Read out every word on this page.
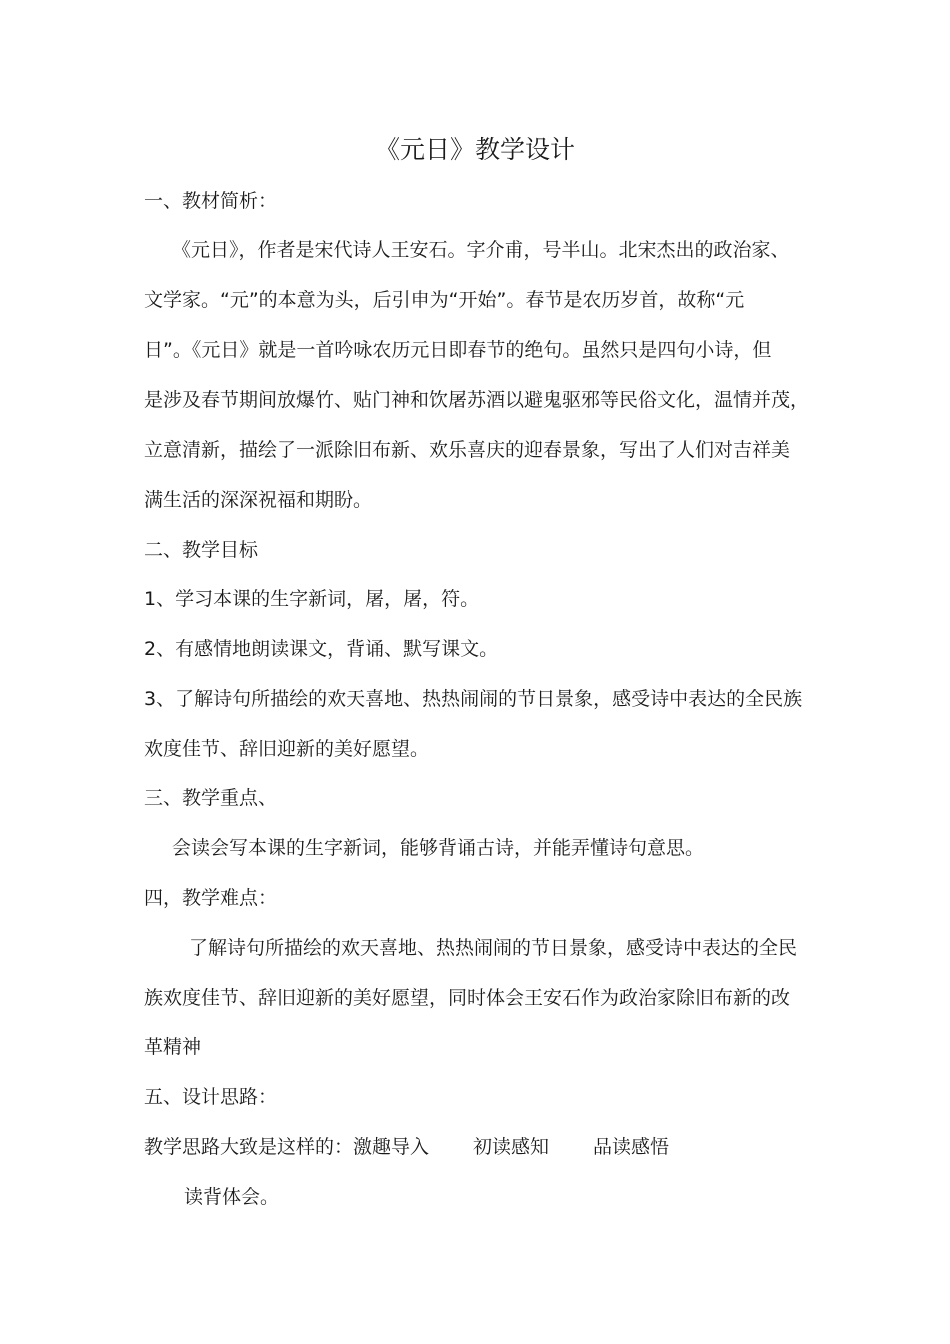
《元日》教学设计
一、教材简析：
《元日》，作者是宋代诗人王安石。字介甫，号半山。北宋杰出的政治家、
文学家。“元”的本意为头，后引申为“开始”。春节是农历岁首，故称“元
日”。《元日》就是一首吟咏农历元日即春节的绝句。虽然只是四句小诗，但
是涉及春节期间放爆竹、贴门神和饮屠苏酒以避鬼驱邪等民俗文化，温情并茂，
立意清新，描绘了一派除旧布新、欢乐喜庆的迎春景象，写出了人们对吉祥美
满生活的深深祝福和期盼。
二、教学目标
1、学习本课的生字新词，屠，屠，符。
2、有感情地朗读课文，背诵、默写课文。
3、了解诗句所描绘的欢天喜地、热热闹闹的节日景象，感受诗中表达的全民族
欢度佳节、辞旧迎新的美好愿望。
三、教学重点、
会读会写本课的生字新词，能够背诵古诗，并能弄懂诗句意思。
四，教学难点：
了解诗句所描绘的欢天喜地、热热闹闹的节日景象，感受诗中表达的全民
族欢度佳节、辞旧迎新的美好愿望，同时体会王安石作为政治家除旧布新的改
革精神
五、设计思路：
教学思路大致是这样的：激趣导入 初读感知 品读感悟
读背体会。
